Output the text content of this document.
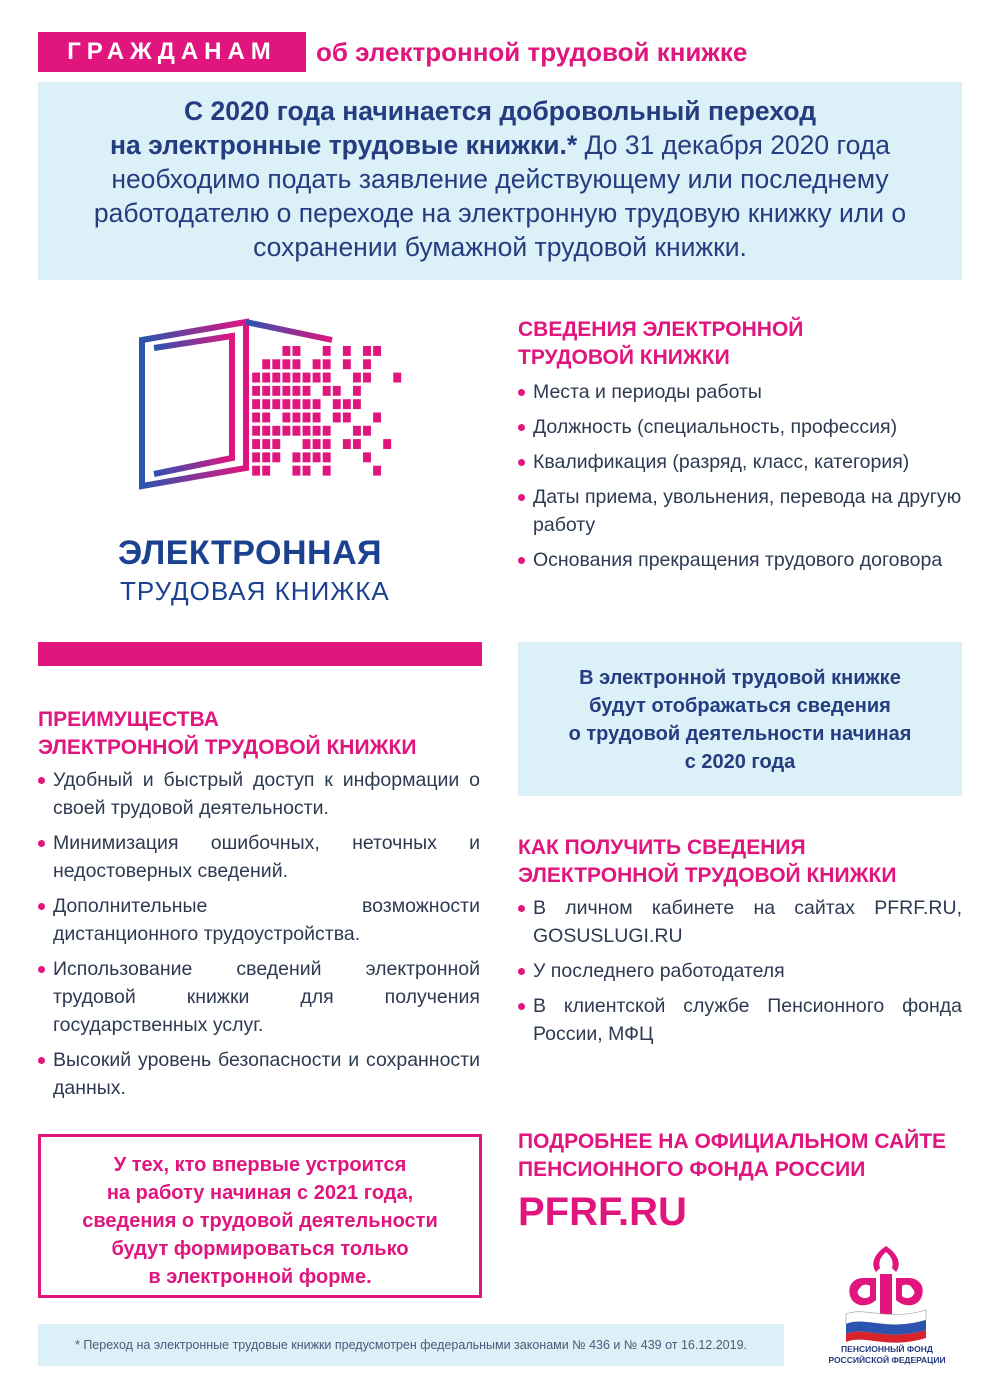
ГРАЖДАНАМ	об электронной трудовой книжке
С 2020 года начинается добровольный переход
на электронные трудовые книжки.* До 31 декабря 2020 года необходимо подать заявление действующему или последнему работодателю о переходе на электронную трудовую книжку или о сохранении бумажной трудовой книжки.
ЭЛЕКТРОННАЯ
ТРУДОВАЯ КНИЖКА
СВЕДЕНИЯ ЭЛЕКТРОННОЙ
ТРУДОВОЙ КНИЖКИ
Места и периоды работы
Должность (специальность, профессия)
Квалификация (разряд, класс, категория)
Даты приема, увольнения, перевода на другую работу
Основания прекращения трудового договора
ПРЕИМУЩЕСТВА
ЭЛЕКТРОННОЙ ТРУДОВОЙ КНИЖКИ
Удобный и быстрый доступ к информации о своей трудовой деятельности.
Минимизация ошибочных, неточных и недостоверных сведений.
Дополнительные возможности дистанционного трудоустройства.
Использование сведений электронной трудовой книжки для получения государственных услуг.
Высокий уровень безопасности и сохранности данных.
В электронной трудовой книжке
будут отображаться сведения
о трудовой деятельности начиная
с 2020 года
КАК ПОЛУЧИТЬ СВЕДЕНИЯ
ЭЛЕКТРОННОЙ ТРУДОВОЙ КНИЖКИ
В личном кабинете на сайтах PFRF.RU, GOSUSLUGI.RU
У последнего работодателя
В клиентской службе Пенсионного фонда России, МФЦ
У тех, кто впервые устроится
на работу начиная с 2021 года,
сведения о трудовой деятельности
будут формироваться только
в электронной форме.
ПОДРОБНЕЕ НА ОФИЦИАЛЬНОМ САЙТЕ
ПЕНСИОННОГО ФОНДА РОССИИ
PFRF.RU
* Переход на электронные трудовые книжки предусмотрен федеральными законами № 436 и № 439 от 16.12.2019.	ПЕНСИОННЫЙ ФОНД
РОССИЙСКОЙ ФЕДЕРАЦИИ
